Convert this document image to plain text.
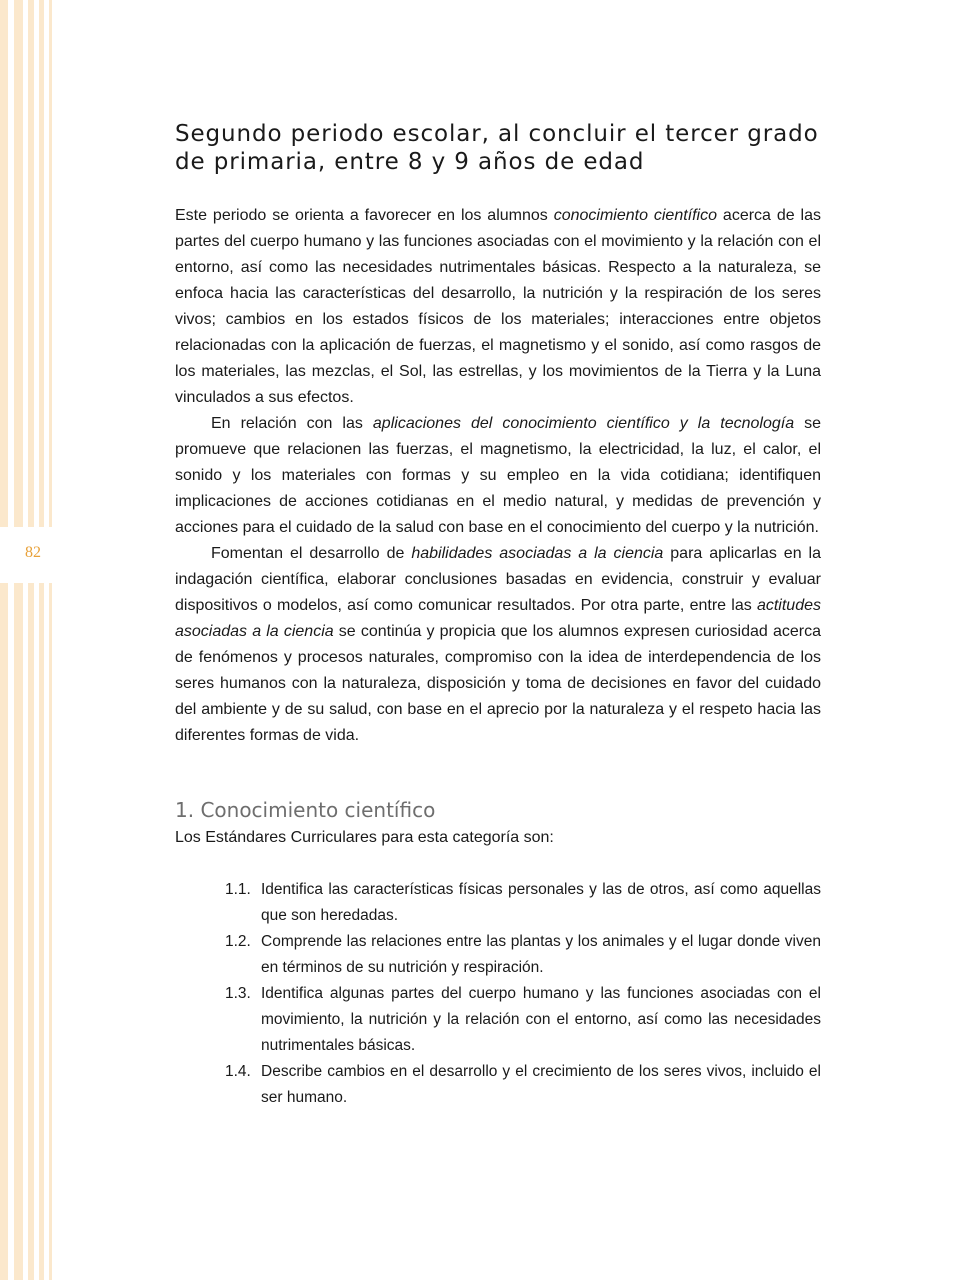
82
Segundo periodo escolar, al concluir el tercer grado de primaria, entre 8 y 9 años de edad

Este periodo se orienta a favorecer en los alumnos conocimiento científico acerca de las partes del cuerpo humano y las funciones asociadas con el movimiento y la relación con el entorno, así como las necesidades nutrimentales básicas. Respecto a la naturaleza, se enfoca hacia las características del desarrollo, la nutrición y la respiración de los seres vivos; cambios en los estados físicos de los materiales; interacciones entre objetos relacionadas con la aplicación de fuerzas, el magnetismo y el sonido, así como rasgos de los materiales, las mezclas, el Sol, las estrellas, y los movimientos de la Tierra y la Luna vinculados a sus efectos.

En relación con las aplicaciones del conocimiento científico y la tecnología se promueve que relacionen las fuerzas, el magnetismo, la electricidad, la luz, el calor, el sonido y los materiales con formas y su empleo en la vida cotidiana; identifiquen implicaciones de acciones cotidianas en el medio natural, y medidas de prevención y acciones para el cuidado de la salud con base en el conocimiento del cuerpo y la nutrición.

Fomentan el desarrollo de habilidades asociadas a la ciencia para aplicarlas en la indagación científica, elaborar conclusiones basadas en evidencia, construir y evaluar dispositivos o modelos, así como comunicar resultados. Por otra parte, entre las actitudes asociadas a la ciencia se continúa y propicia que los alumnos expresen curiosidad acerca de fenómenos y procesos naturales, compromiso con la idea de interdependencia de los seres humanos con la naturaleza, disposición y toma de decisiones en favor del cuidado del ambiente y de su salud, con base en el aprecio por la naturaleza y el respeto hacia las diferentes formas de vida.

1. Conocimiento científico

Los Estándares Curriculares para esta categoría son:

1.1. Identifica las características físicas personales y las de otros, así como aquellas que son heredadas.
1.2. Comprende las relaciones entre las plantas y los animales y el lugar donde viven en términos de su nutrición y respiración.
1.3. Identifica algunas partes del cuerpo humano y las funciones asociadas con el movimiento, la nutrición y la relación con el entorno, así como las necesidades nutrimentales básicas.
1.4. Describe cambios en el desarrollo y el crecimiento de los seres vivos, incluido el ser humano.
